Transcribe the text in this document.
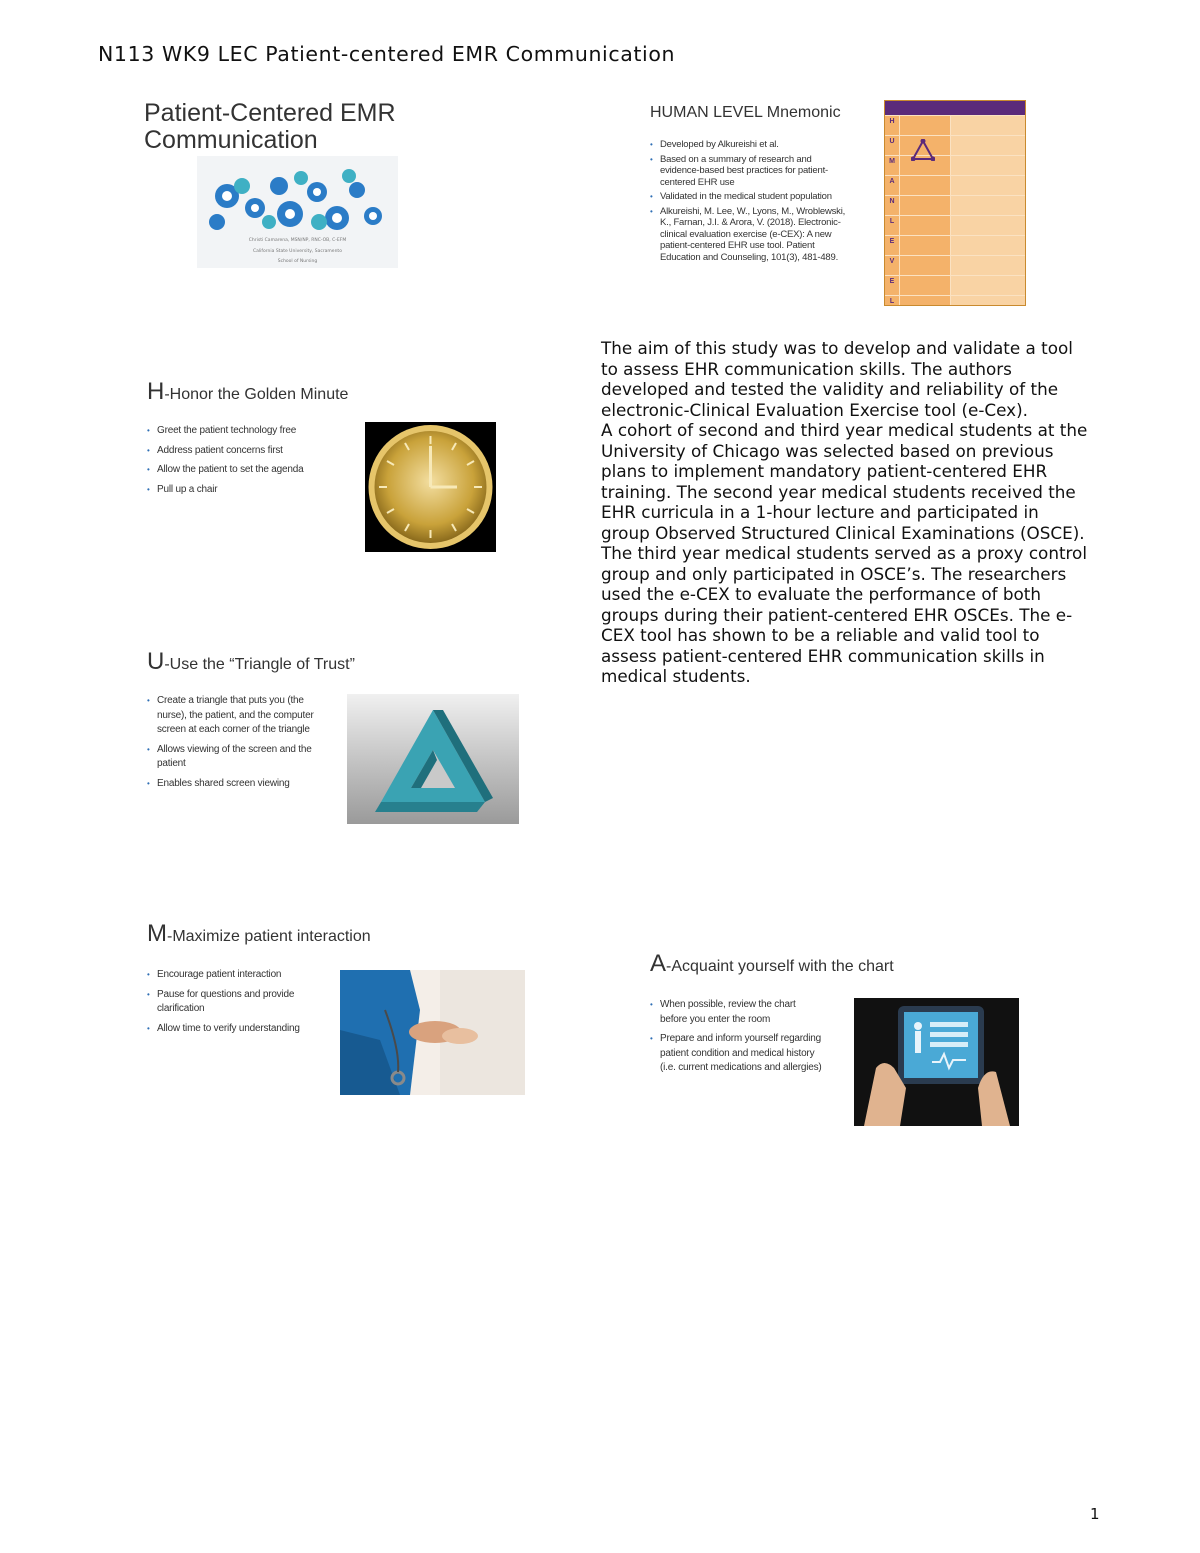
N113 WK9 LEC Patient-centered EMR Communication
Patient-Centered EMR
Communication
Christi Camarena, MSN/NP, RNC-OB, C-EFM
California State University, Sacramento
School of Nursing
HUMAN LEVEL Mnemonic
• Developed by Alkureishi et al.
• Based on a summary of research and evidence-based best practices for patient-centered EHR use
• Validated in the medical student population
• Alkureishi, M. Lee, W., Lyons, M., Wroblewski, K., Farnan, J.I. & Arora, V. (2018). Electronic-clinical evaluation exercise (e-CEX): A new patient-centered EHR use tool. Patient Education and Counseling, 101(3), 481-489.
H
U
M
A
N
L
E
V
E
L

The aim of this study was to develop and validate a tool to assess EHR communication skills. The authors developed and tested the validity and reliability of the electronic-Clinical Evaluation Exercise tool (e-Cex).

A cohort of second and third year medical students at the University of Chicago was selected based on previous plans to implement mandatory patient-centered EHR training. The second year medical students received the EHR curricula in a 1-hour lecture and participated in group Observed Structured Clinical Examinations (OSCE). The third year medical students served as a proxy control group and only participated in OSCE’s. The researchers used the e-CEX to evaluate the performance of both groups during their patient-centered EHR OSCEs. The e-CEX tool has shown to be a reliable and valid tool to assess patient-centered EHR communication skills in medical students.

H-Honor the Golden Minute
• Greet the patient technology free
• Address patient concerns first
• Allow the patient to set the agenda
• Pull up a chair
U-Use the “Triangle of Trust”
• Create a triangle that puts you (the nurse), the patient, and the computer screen at each corner of the triangle
• Allows viewing of the screen and the patient
• Enables shared screen viewing
M-Maximize patient interaction
• Encourage patient interaction
• Pause for questions and provide clarification
• Allow time to verify understanding
A-Acquaint yourself with the chart
• When possible, review the chart before you enter the room
• Prepare and inform yourself regarding patient condition and medical history (i.e. current medications and allergies)
1
